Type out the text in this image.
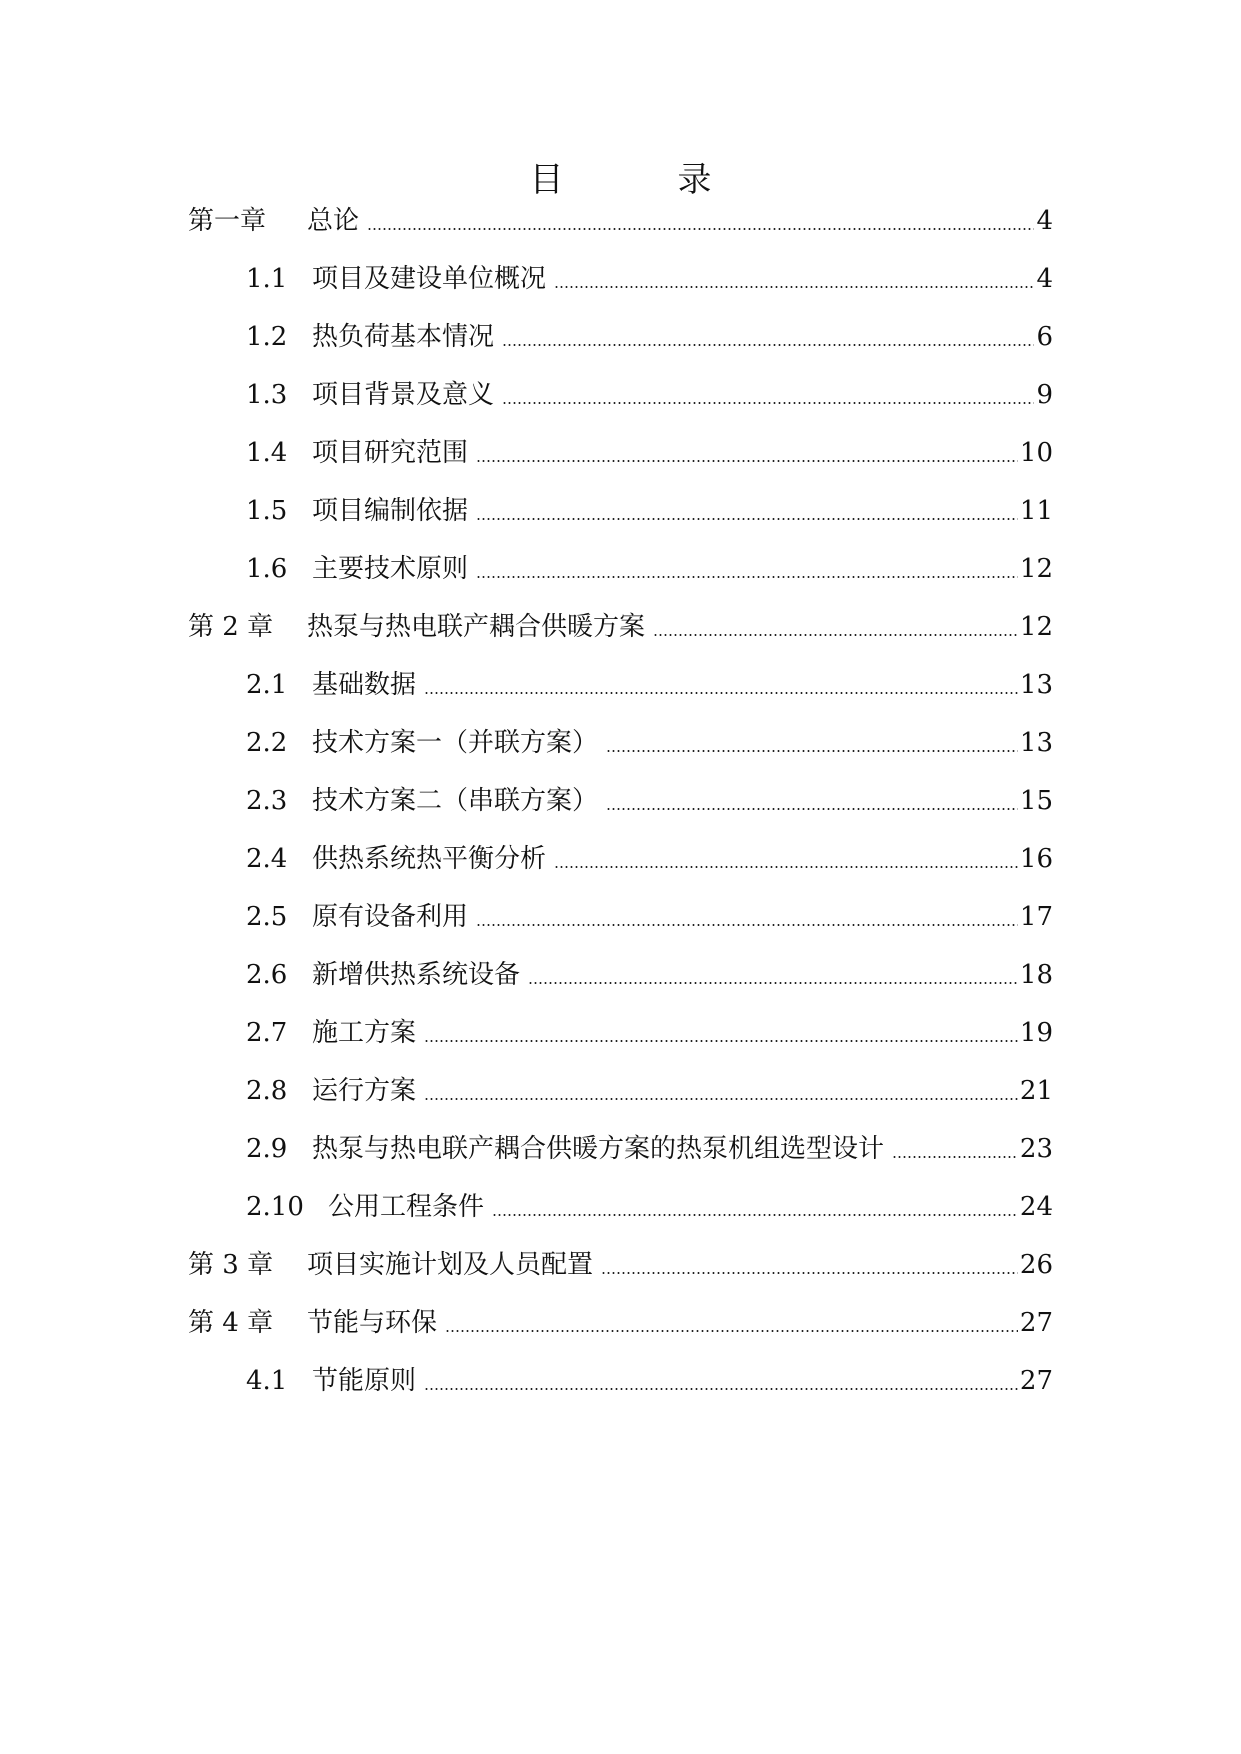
目　录
第一章 总论	4
1.1 项目及建设单位概况	4
1.2 热负荷基本情况	6
1.3 项目背景及意义	9
1.4 项目研究范围	10
1.5 项目编制依据	11
1.6 主要技术原则	12
第 2 章 热泵与热电联产耦合供暖方案	12
2.1 基础数据	13
2.2 技术方案一（并联方案）	13
2.3 技术方案二（串联方案）	15
2.4 供热系统热平衡分析	16
2.5 原有设备利用	17
2.6 新增供热系统设备	18
2.7 施工方案	19
2.8 运行方案	21
2.9 热泵与热电联产耦合供暖方案的热泵机组选型设计	23
2.10 公用工程条件	24
第 3 章 项目实施计划及人员配置	26
第 4 章 节能与环保	27
4.1 节能原则	27
